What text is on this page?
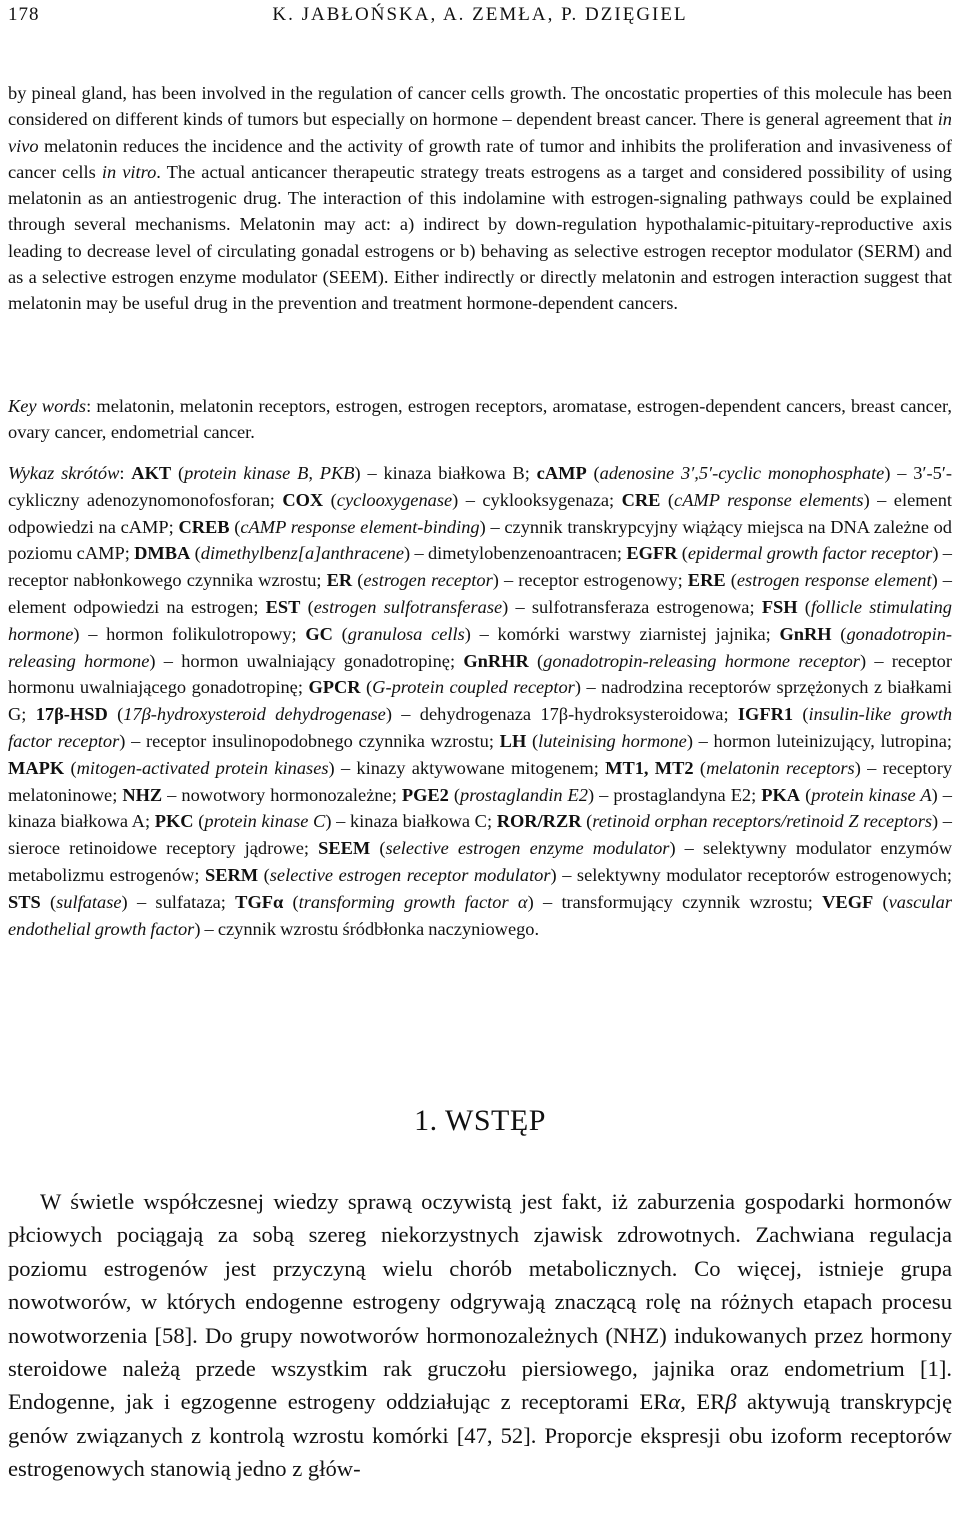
178	K. JABŁOŃSKA, A. ZEMŁA, P. DZIĘGIEL

by pineal gland, has been involved in the regulation of cancer cells growth. The oncostatic properties of this molecule has been considered on different kinds of tumors but especially on hormone – dependent breast cancer. There is general agreement that in vivo melatonin reduces the incidence and the activity of growth rate of tumor and inhibits the proliferation and invasiveness of cancer cells in vitro. The actual anticancer therapeutic strategy treats estrogens as a target and considered possibility of using melatonin as an antiestrogenic drug. The interaction of this indolamine with estrogen-signaling pathways could be explained through several mechanisms. Melatonin may act: a) indirect by down-regulation hypothalamic-pituitary-reproductive axis leading to decrease level of circulating gonadal estrogens or b) behaving as selective estrogen receptor modulator (SERM) and as a selective estrogen enzyme modulator (SEEM). Either indirectly or directly melatonin and estrogen interaction suggest that melatonin may be useful drug in the prevention and treatment hormone-dependent cancers.

Key words: melatonin, melatonin receptors, estrogen, estrogen receptors, aromatase, estrogen-dependent cancers, breast cancer, ovary cancer, endometrial cancer.

Wykaz skrótów: AKT (protein kinase B, PKB) – kinaza białkowa B; cAMP (adenosine 3′,5′-cyclic monophosphate) – 3′-5′-cykliczny adenozynomonofosforan; COX (cyclooxygenase) – cyklooksygenaza; CRE (cAMP response elements) – element odpowiedzi na cAMP; CREB (cAMP response element-binding) – czynnik transkrypcyjny wiążący miejsca na DNA zależne od poziomu cAMP; DMBA (dimethylbenz[a]anthracene) – dimetylobenzenoantracen; EGFR (epidermal growth factor receptor) – receptor nabłonkowego czynnika wzrostu; ER (estrogen receptor) – receptor estrogenowy; ERE (estrogen response element) – element odpowiedzi na estrogen; EST (estrogen sulfotransferase) – sulfotransferaza estrogenowa; FSH (follicle stimulating hormone) – hormon folikulotropowy; GC (granulosa cells) – komórki warstwy ziarnistej jajnika; GnRH (gonadotropin-releasing hormone) – hormon uwalniający gonadotropinę; GnRHR (gonadotropin-releasing hormone receptor) – receptor hormonu uwalniającego gonadotropinę; GPCR (G-protein coupled receptor) – nadrodzina receptorów sprzężonych z białkami G; 17β-HSD (17β-hydroxysteroid dehydrogenase) – dehydrogenaza 17β-hydroksysteroidowa; IGFR1 (insulin-like growth factor receptor) – receptor insulinopodobnego czynnika wzrostu; LH (luteinising hormone) – hormon luteinizujący, lutropina; MAPK (mitogen-activated protein kinases) – kinazy aktywowane mitogenem; MT1, MT2 (melatonin receptors) – receptory melatoninowe; NHZ – nowotwory hormonozależne; PGE2 (prostaglandin E2) – prostaglandyna E2; PKA (protein kinase A) – kinaza białkowa A; PKC (protein kinase C) – kinaza białkowa C; ROR/RZR (retinoid orphan receptors/retinoid Z receptors) – sieroce retinoidowe receptory jądrowe; SEEM (selective estrogen enzyme modulator) – selektywny modulator enzymów metabolizmu estrogenów; SERM (selective estrogen receptor modulator) – selektywny modulator receptorów estrogenowych; STS (sulfatase) – sulfataza; TGFα (transforming growth factor α) – transformujący czynnik wzrostu; VEGF (vascular endothelial growth factor) – czynnik wzrostu śródbłonka naczyniowego.

1. WSTĘP

W świetle współczesnej wiedzy sprawą oczywistą jest fakt, iż zaburzenia gospodarki hormonów płciowych pociągają za sobą szereg niekorzystnych zjawisk zdrowotnych. Zachwiana regulacja poziomu estrogenów jest przyczyną wielu chorób metabolicznych. Co więcej, istnieje grupa nowotworów, w których endogenne estrogeny odgrywają znaczącą rolę na różnych etapach procesu nowotworzenia [58]. Do grupy nowotworów hormonozależnych (NHZ) indukowanych przez hormony steroidowe należą przede wszystkim rak gruczołu piersiowego, jajnika oraz endometrium [1]. Endogenne, jak i egzogenne estrogeny oddziałując z receptorami ERα, ERβ aktywują transkrypcję genów związanych z kontrolą wzrostu komórki [47, 52]. Proporcje ekspresji obu izoform receptorów estrogenowych stanowią jedno z głów-
